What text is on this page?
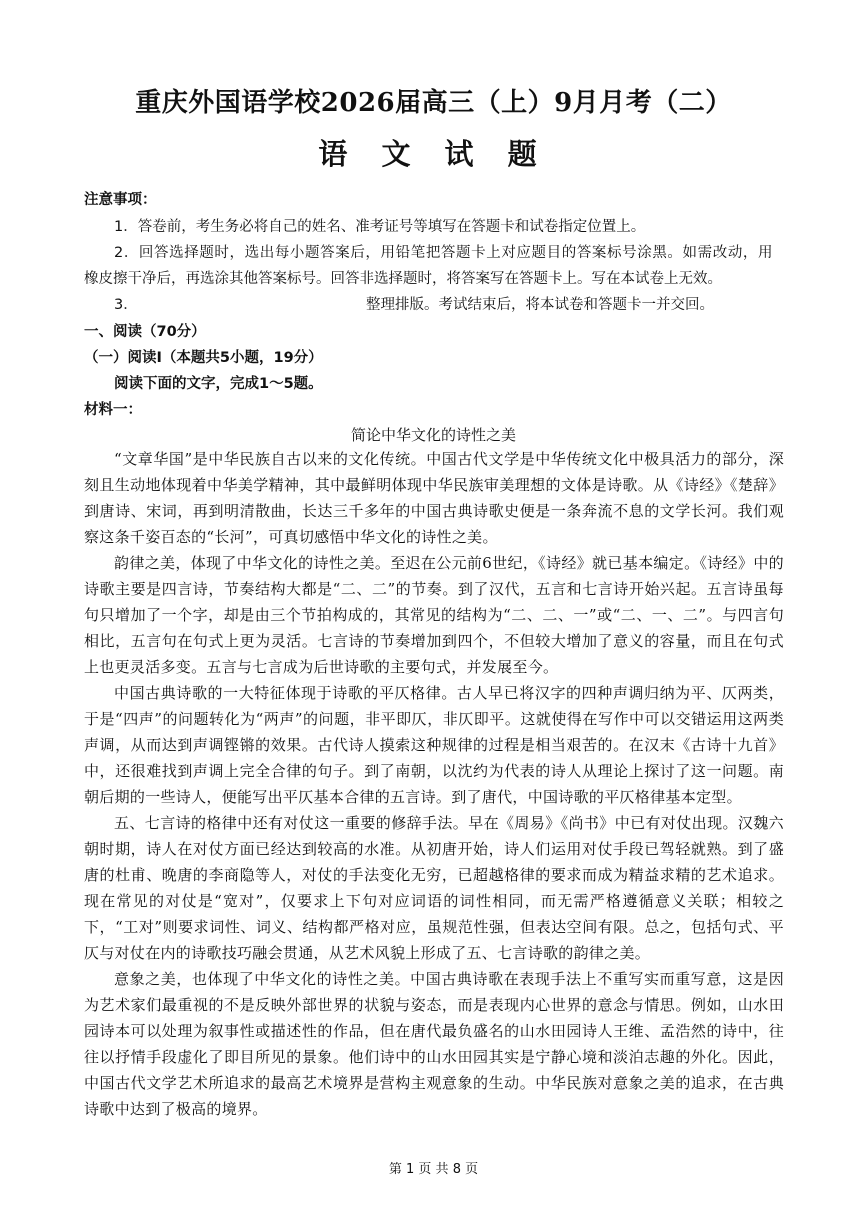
重庆外国语学校2026届高三（上）9月月考（二）
语 文 试 题
注意事项：
1．答卷前，考生务必将自己的姓名、准考证号等填写在答题卡和试卷指定位置上。
2．回答选择题时，选出每小题答案后，用铅笔把答题卡上对应题目的答案标号涂黑。如需改动，用
橡皮擦干净后，再选涂其他答案标号。回答非选择题时，将答案写在答题卡上。写在本试卷上无效。
3．	整理排版。考试结束后，将本试卷和答题卡一并交回。
一、阅读（70分）
（一）阅读Ⅰ（本题共5小题，19分）
阅读下面的文字，完成1～5题。
材料一：
简论中华文化的诗性之美

“文章华国”是中华民族自古以来的文化传统。中国古代文学是中华传统文化中极具活力的部分，深刻且生动地体现着中华美学精神，其中最鲜明体现中华民族审美理想的文体是诗歌。从《诗经》《楚辞》到唐诗、宋词，再到明清散曲，长达三千多年的中国古典诗歌史便是一条奔流不息的文学长河。我们观察这条千姿百态的“长河”，可真切感悟中华文化的诗性之美。

韵律之美，体现了中华文化的诗性之美。至迟在公元前6世纪，《诗经》就已基本编定。《诗经》中的诗歌主要是四言诗，节奏结构大都是“二、二”的节奏。到了汉代，五言和七言诗开始兴起。五言诗虽每句只增加了一个字，却是由三个节拍构成的，其常见的结构为“二、二、一”或“二、一、二”。与四言句相比，五言句在句式上更为灵活。七言诗的节奏增加到四个，不但较大增加了意义的容量，而且在句式上也更灵活多变。五言与七言成为后世诗歌的主要句式，并发展至今。

中国古典诗歌的一大特征体现于诗歌的平仄格律。古人早已将汉字的四种声调归纳为平、仄两类，于是“四声”的问题转化为“两声”的问题，非平即仄，非仄即平。这就使得在写作中可以交错运用这两类声调，从而达到声调铿锵的效果。古代诗人摸索这种规律的过程是相当艰苦的。在汉末《古诗十九首》中，还很难找到声调上完全合律的句子。到了南朝，以沈约为代表的诗人从理论上探讨了这一问题。南朝后期的一些诗人，便能写出平仄基本合律的五言诗。到了唐代，中国诗歌的平仄格律基本定型。

五、七言诗的格律中还有对仗这一重要的修辞手法。早在《周易》《尚书》中已有对仗出现。汉魏六朝时期，诗人在对仗方面已经达到较高的水准。从初唐开始，诗人们运用对仗手段已驾轻就熟。到了盛唐的杜甫、晚唐的李商隐等人，对仗的手法变化无穷，已超越格律的要求而成为精益求精的艺术追求。现在常见的对仗是“宽对”，仅要求上下句对应词语的词性相同，而无需严格遵循意义关联；相较之下，“工对”则要求词性、词义、结构都严格对应，虽规范性强，但表达空间有限。总之，包括句式、平仄与对仗在内的诗歌技巧融会贯通，从艺术风貌上形成了五、七言诗歌的韵律之美。

意象之美，也体现了中华文化的诗性之美。中国古典诗歌在表现手法上不重写实而重写意，这是因为艺术家们最重视的不是反映外部世界的状貌与姿态，而是表现内心世界的意念与情思。例如，山水田园诗本可以处理为叙事性或描述性的作品，但在唐代最负盛名的山水田园诗人王维、孟浩然的诗中，往往以抒情手段虚化了即目所见的景象。他们诗中的山水田园其实是宁静心境和淡泊志趣的外化。因此，中国古代文学艺术所追求的最高艺术境界是营构主观意象的生动。中华民族对意象之美的追求，在古典诗歌中达到了极高的境界。

第 1 页 共 8 页
